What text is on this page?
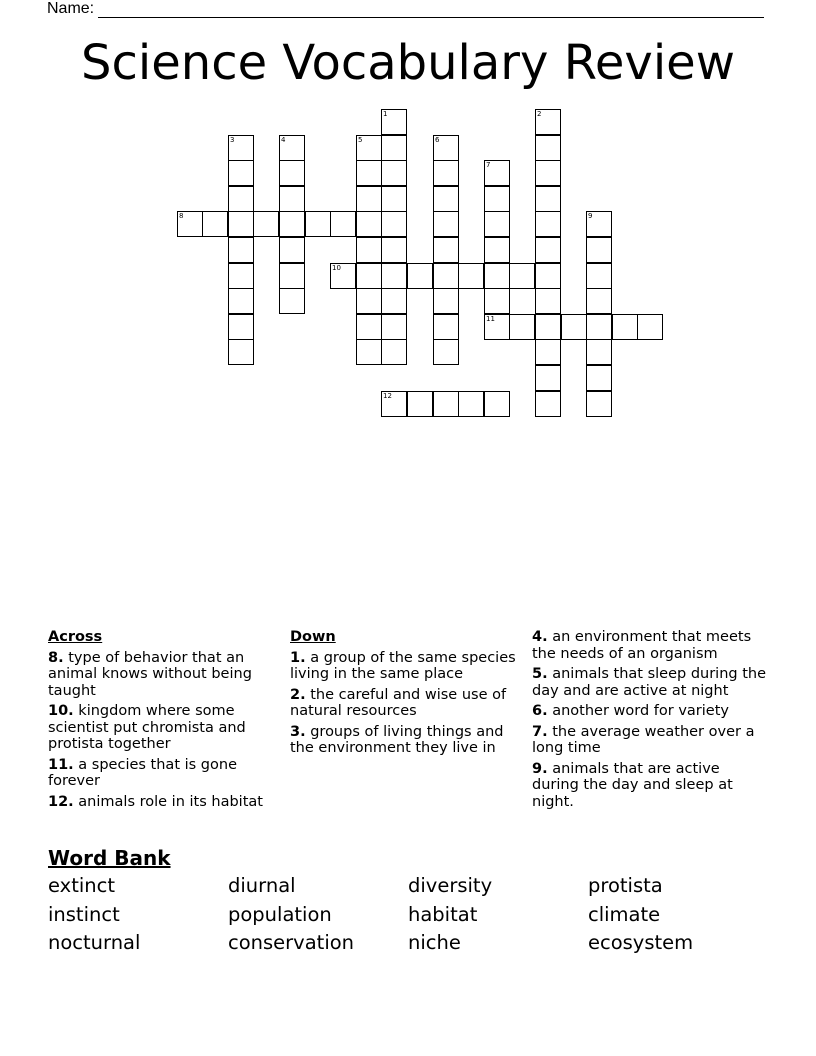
Name:
Science Vocabulary Review
1	2
3	4	5	6
7
11
8	9
10
12
Across
8. type of behavior that an animal knows without being taught
10. kingdom where some scientist put chromista and protista together
11. a species that is gone forever
12. animals role in its habitat
Down
1. a group of the same species living in the same place
2. the careful and wise use of natural resources
3. groups of living things and the environment they live in
4. an environment that meets the needs of an organism
5. animals that sleep during the day and are active at night
6. another word for variety
7. the average weather over a long time
9. animals that are active during the day and sleep at night.
Word Bank
extinct	diurnal	diversity	protista
instinct	population	habitat	climate
nocturnal	conservation	niche	ecosystem
